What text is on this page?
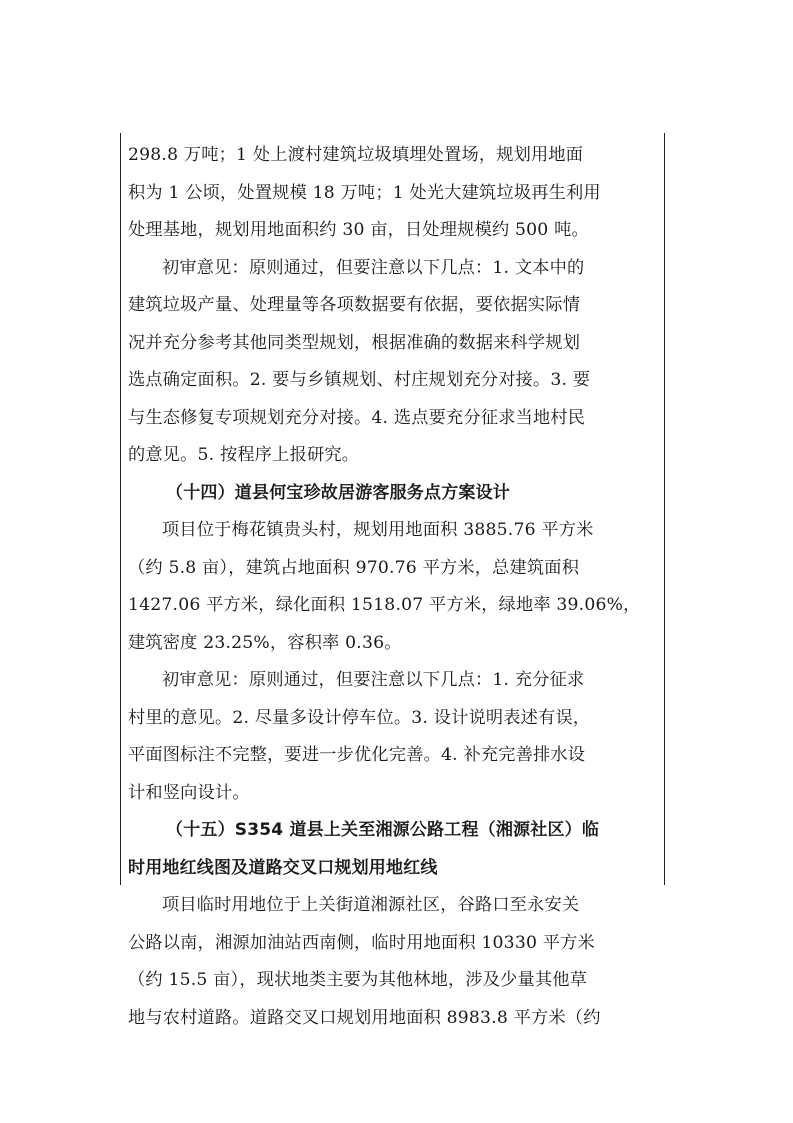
298.8 万吨；1 处上渡村建筑垃圾填埋处置场，规划用地面
积为 1 公顷，处置规模 18 万吨；1 处光大建筑垃圾再生利用
处理基地，规划用地面积约 30 亩，日处理规模约 500 吨。
初审意见：原则通过，但要注意以下几点：1. 文本中的
建筑垃圾产量、处理量等各项数据要有依据，要依据实际情
况并充分参考其他同类型规划，根据准确的数据来科学规划
选点确定面积。2. 要与乡镇规划、村庄规划充分对接。3. 要
与生态修复专项规划充分对接。4. 选点要充分征求当地村民
的意见。5. 按程序上报研究。
（十四）道县何宝珍故居游客服务点方案设计
项目位于梅花镇贵头村，规划用地面积 3885.76 平方米
（约 5.8 亩），建筑占地面积 970.76 平方米，总建筑面积
1427.06 平方米，绿化面积 1518.07 平方米，绿地率 39.06%，
建筑密度 23.25%，容积率 0.36。
初审意见：原则通过，但要注意以下几点：1. 充分征求
村里的意见。2. 尽量多设计停车位。3. 设计说明表述有误，
平面图标注不完整，要进一步优化完善。4. 补充完善排水设
计和竖向设计。
（十五）S354 道县上关至湘源公路工程（湘源社区）临
时用地红线图及道路交叉口规划用地红线
项目临时用地位于上关街道湘源社区，谷路口至永安关
公路以南，湘源加油站西南侧，临时用地面积 10330 平方米
（约 15.5 亩），现状地类主要为其他林地，涉及少量其他草
地与农村道路。道路交叉口规划用地面积 8983.8 平方米（约
